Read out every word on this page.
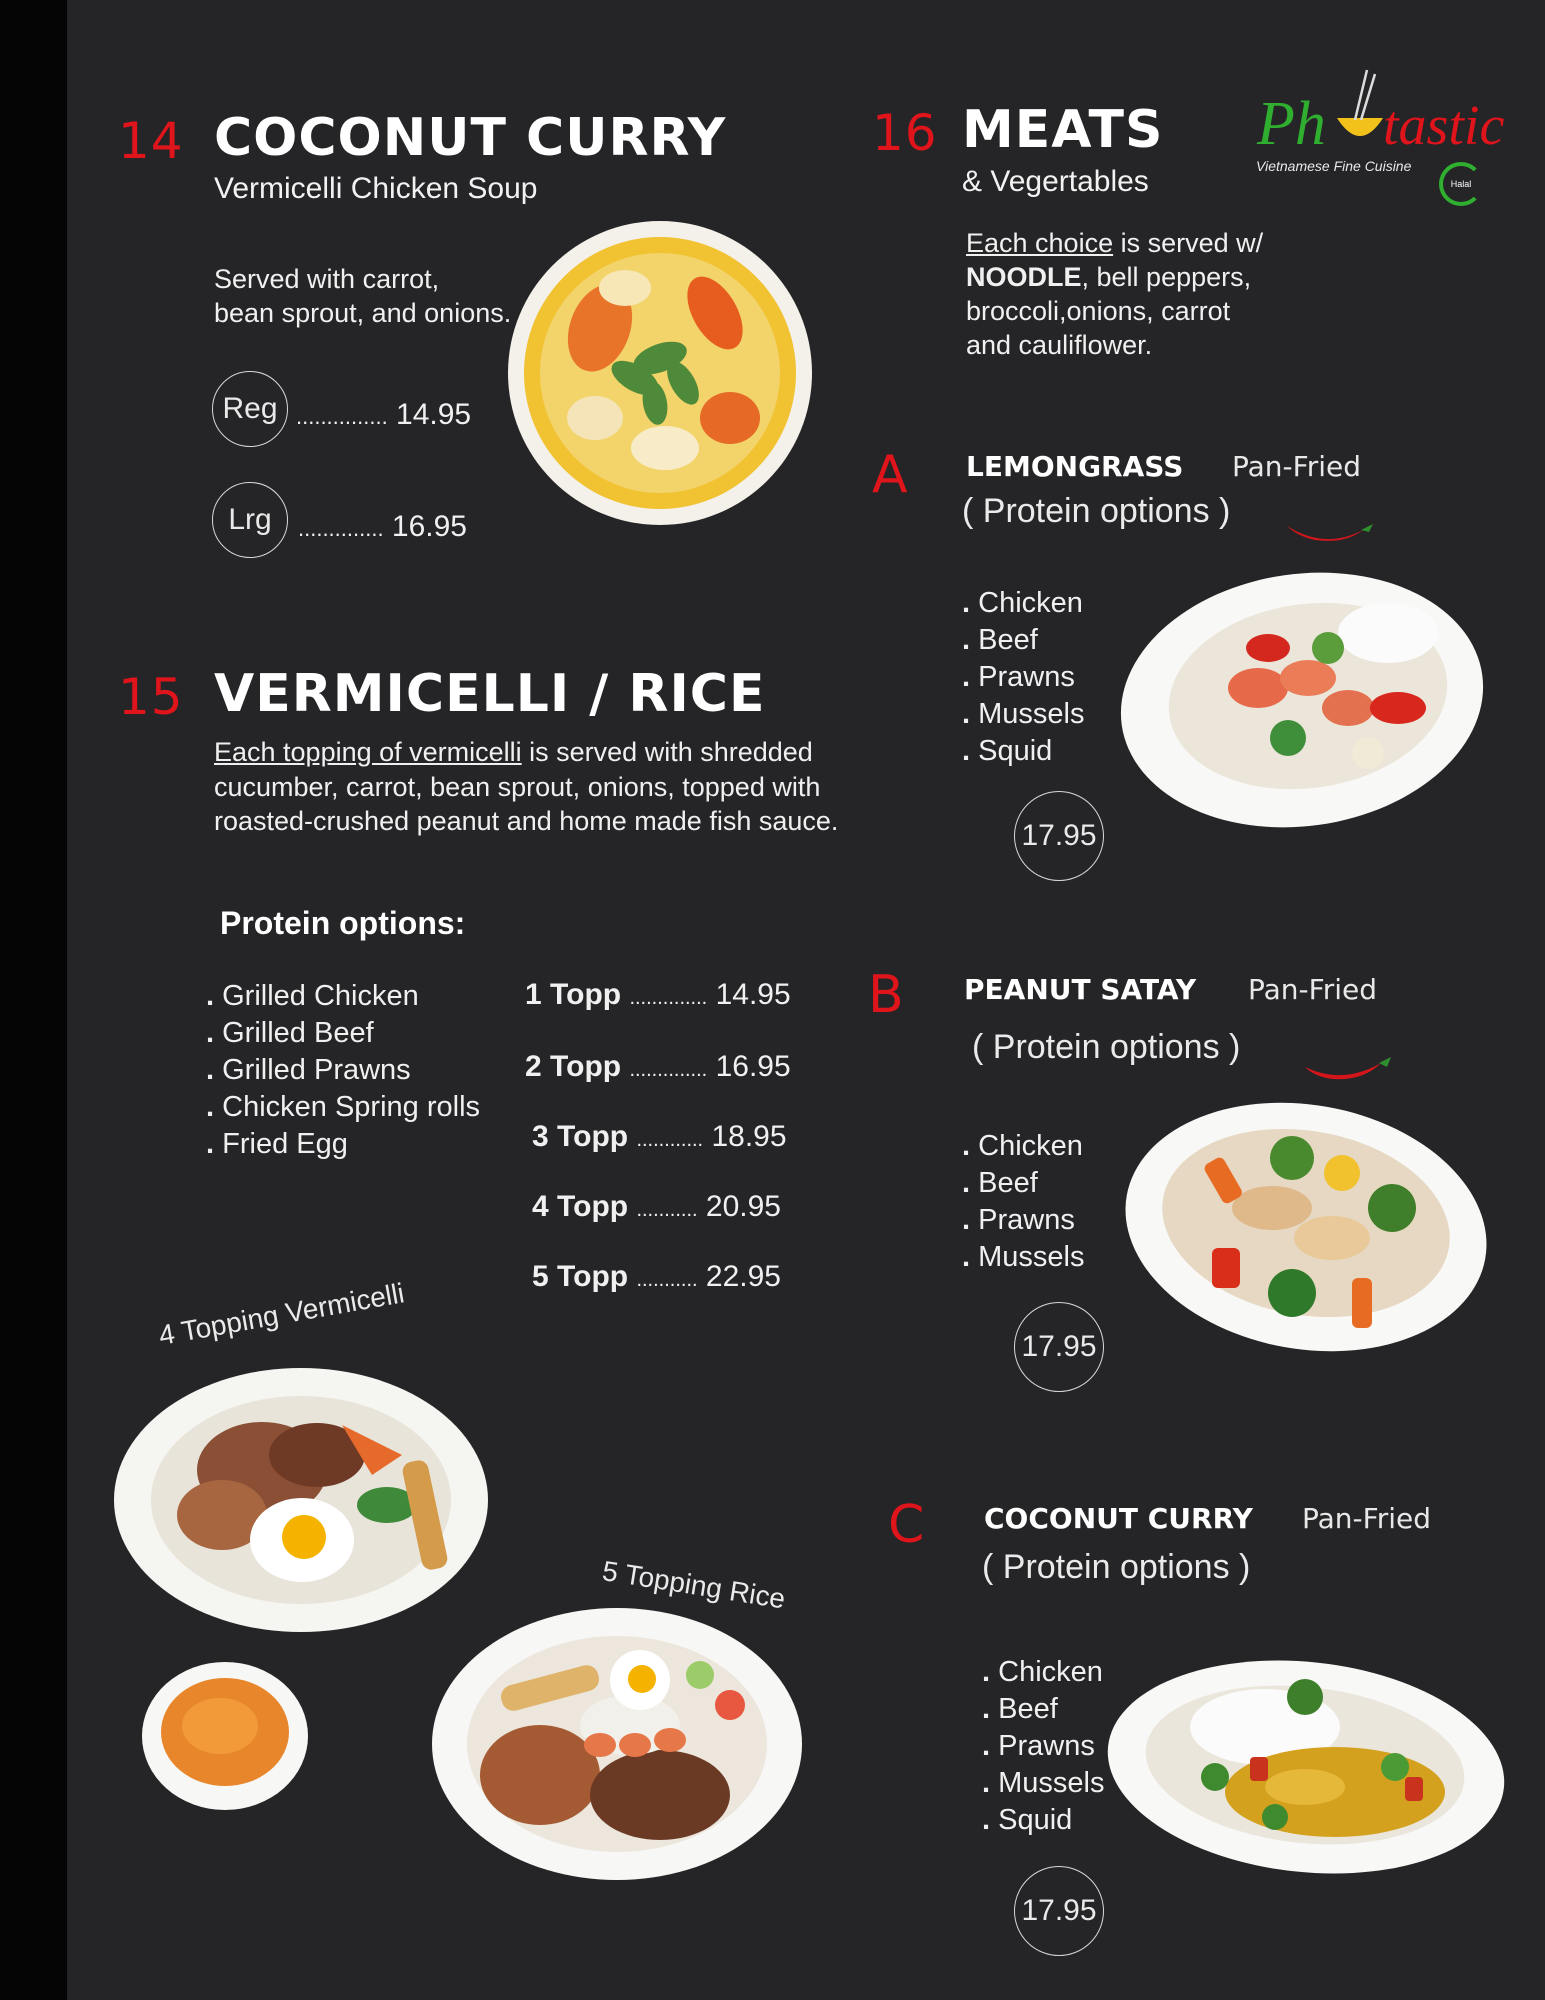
14 COCONUT CURRY
Vermicelli Chicken Soup
Served with carrot,
bean sprout, and onions.
Reg ............... 14.95
Lrg .............. 16.95
15 VERMICELLI / RICE
Each topping of vermicelli is served with shredded
cucumber, carrot, bean sprout, onions, topped with
roasted-crushed peanut and home made fish sauce.
Protein options:
. Grilled Chicken
. Grilled Beef
. Grilled Prawns
. Chicken Spring rolls
. Fried Egg
1 Topp .............. 14.95
2 Topp .............. 16.95
3 Topp ............ 18.95
4 Topp ........... 20.95
5 Topp ........... 22.95
4 Topping Vermicelli
5 Topping Rice
16 MEATS
& Vegertables
Each choice is served w/
NOODLE, bell peppers,
broccoli,onions, carrot
and cauliflower.
Ph tastic
Vietnamese Fine Cuisine
Halal
A LEMONGRASS Pan-Fried
( Protein options )
. Chicken
. Beef
. Prawns
. Mussels
. Squid
17.95
B PEANUT SATAY Pan-Fried
( Protein options )
. Chicken
. Beef
. Prawns
. Mussels
17.95
C COCONUT CURRY Pan-Fried
( Protein options )
. Chicken
. Beef
. Prawns
. Mussels
. Squid
17.95
